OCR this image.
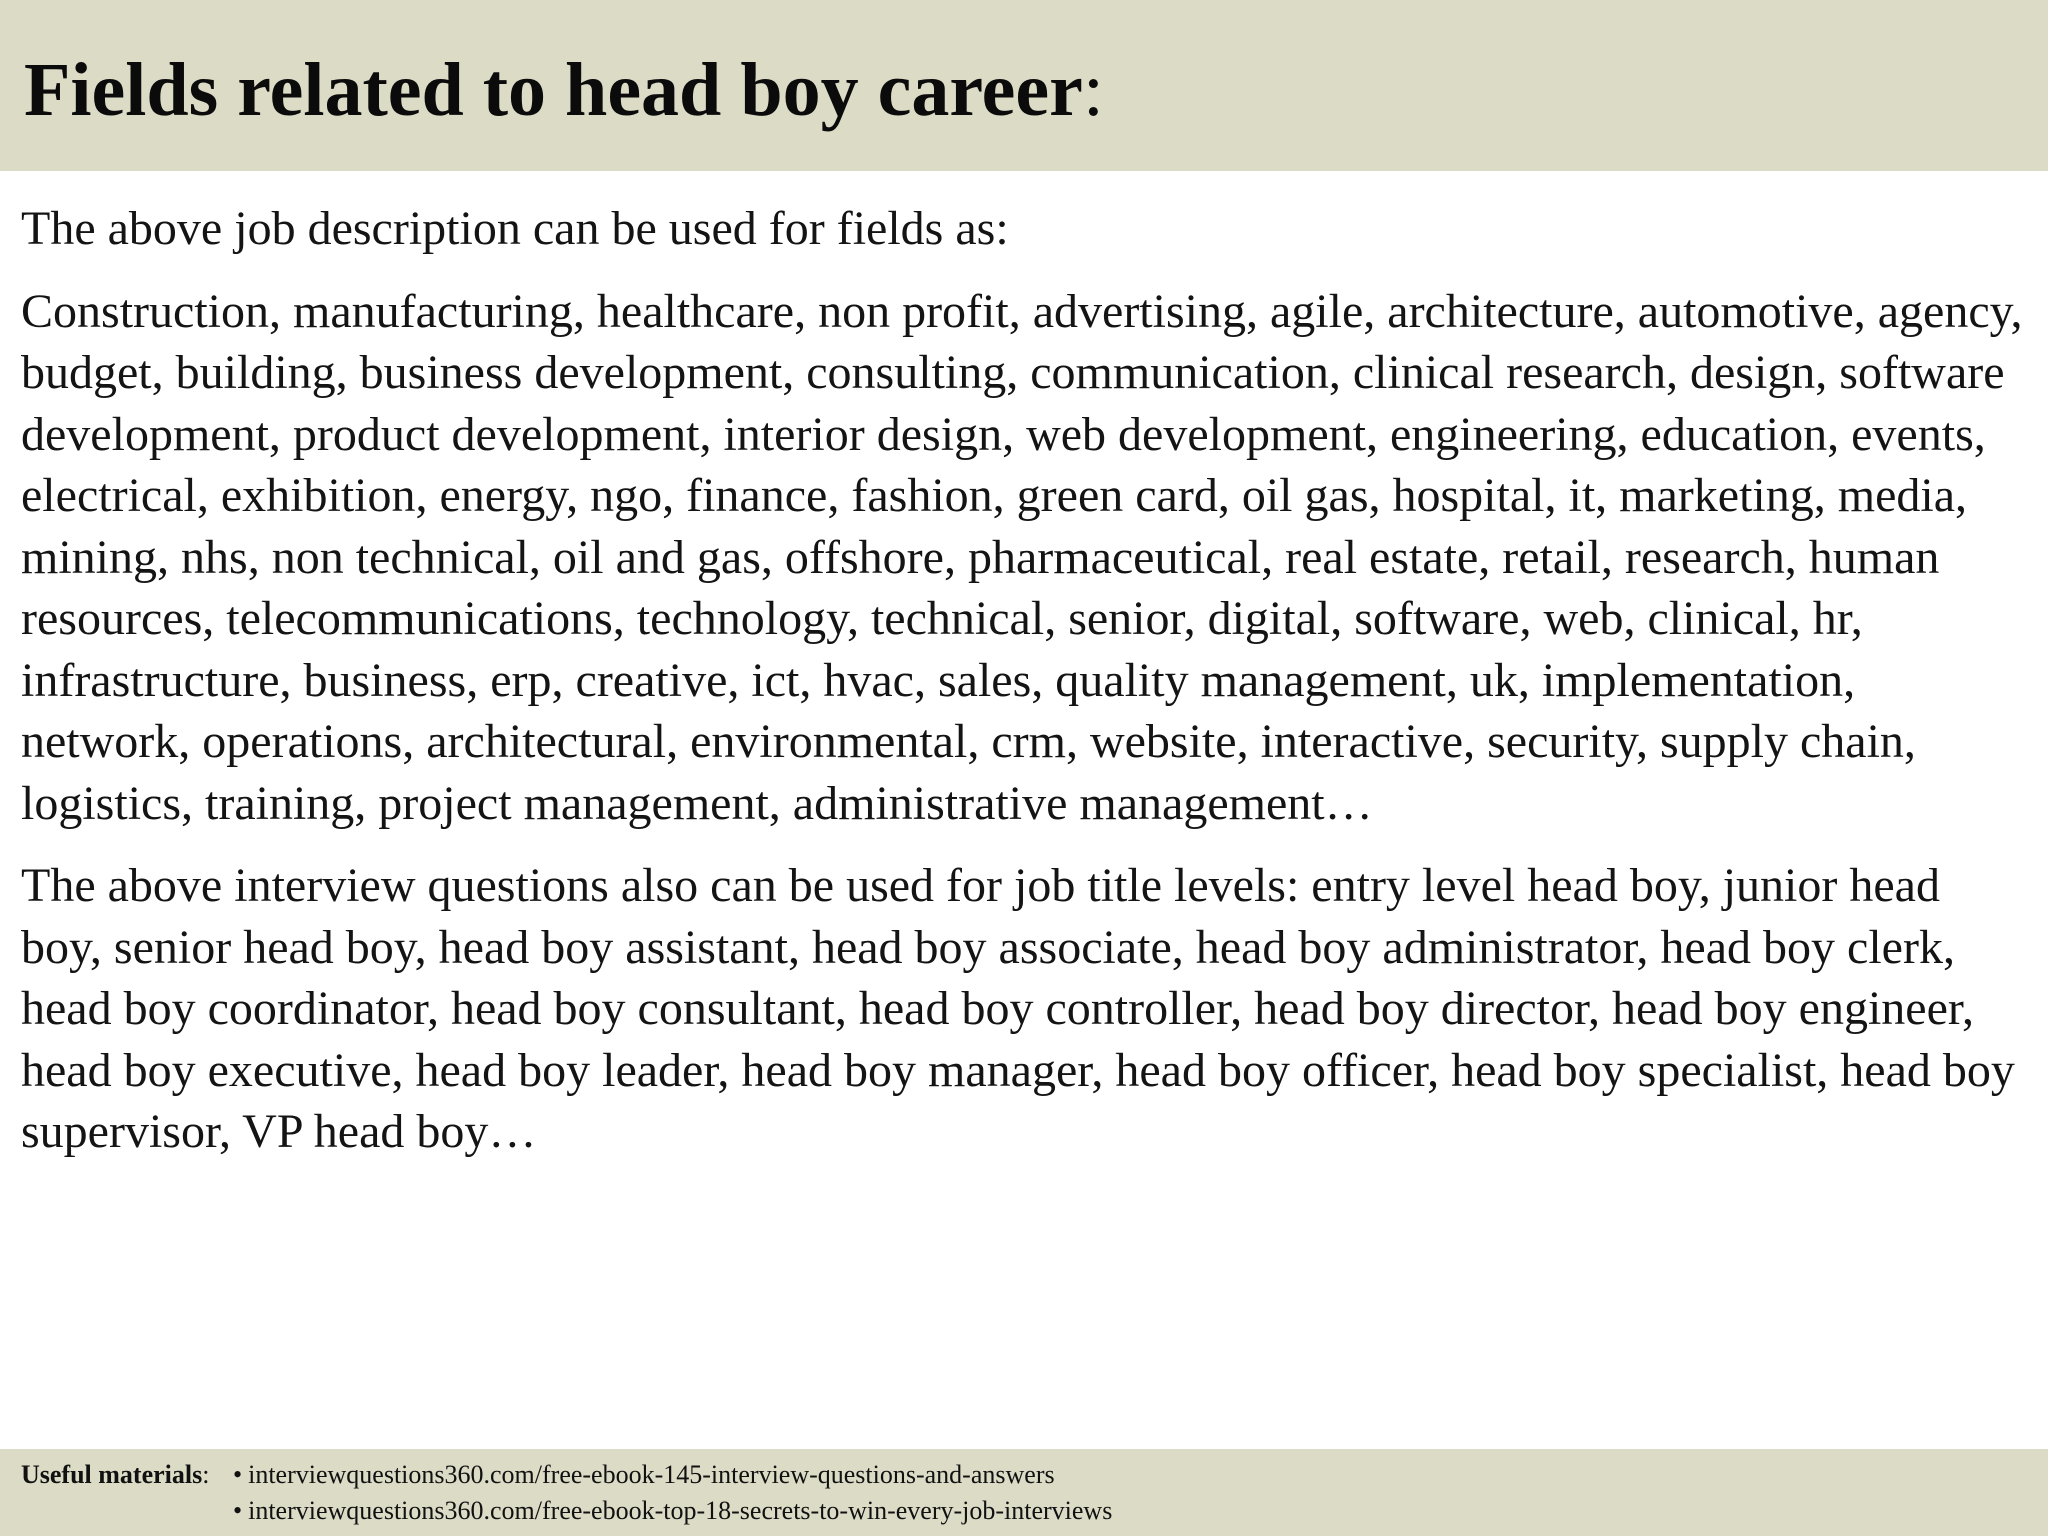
Fields related to head boy career:

The above job description can be used for fields as:

Construction, manufacturing, healthcare, non profit, advertising, agile, architecture, automotive, agency, budget, building, business development, consulting, communication, clinical research, design, software development, product development, interior design, web development, engineering, education, events, electrical, exhibition, energy, ngo, finance, fashion, green card, oil gas, hospital, it, marketing, media, mining, nhs, non technical, oil and gas, offshore, pharmaceutical, real estate, retail, research, human resources, telecommunications, technology, technical, senior, digital, software, web, clinical, hr, infrastructure, business, erp, creative, ict, hvac, sales, quality management, uk, implementation, network, operations, architectural, environmental, crm, website, interactive, security, supply chain, logistics, training, project management, administrative management…

The above interview questions also can be used for job title levels: entry level head boy, junior head boy, senior head boy, head boy assistant, head boy associate, head boy administrator, head boy clerk, head boy coordinator, head boy consultant, head boy controller, head boy director, head boy engineer, head boy executive, head boy leader, head boy manager, head boy officer, head boy specialist, head boy supervisor, VP head boy…

Useful materials: • interviewquestions360.com/free-ebook-145-interview-questions-and-answers
• interviewquestions360.com/free-ebook-top-18-secrets-to-win-every-job-interviews
